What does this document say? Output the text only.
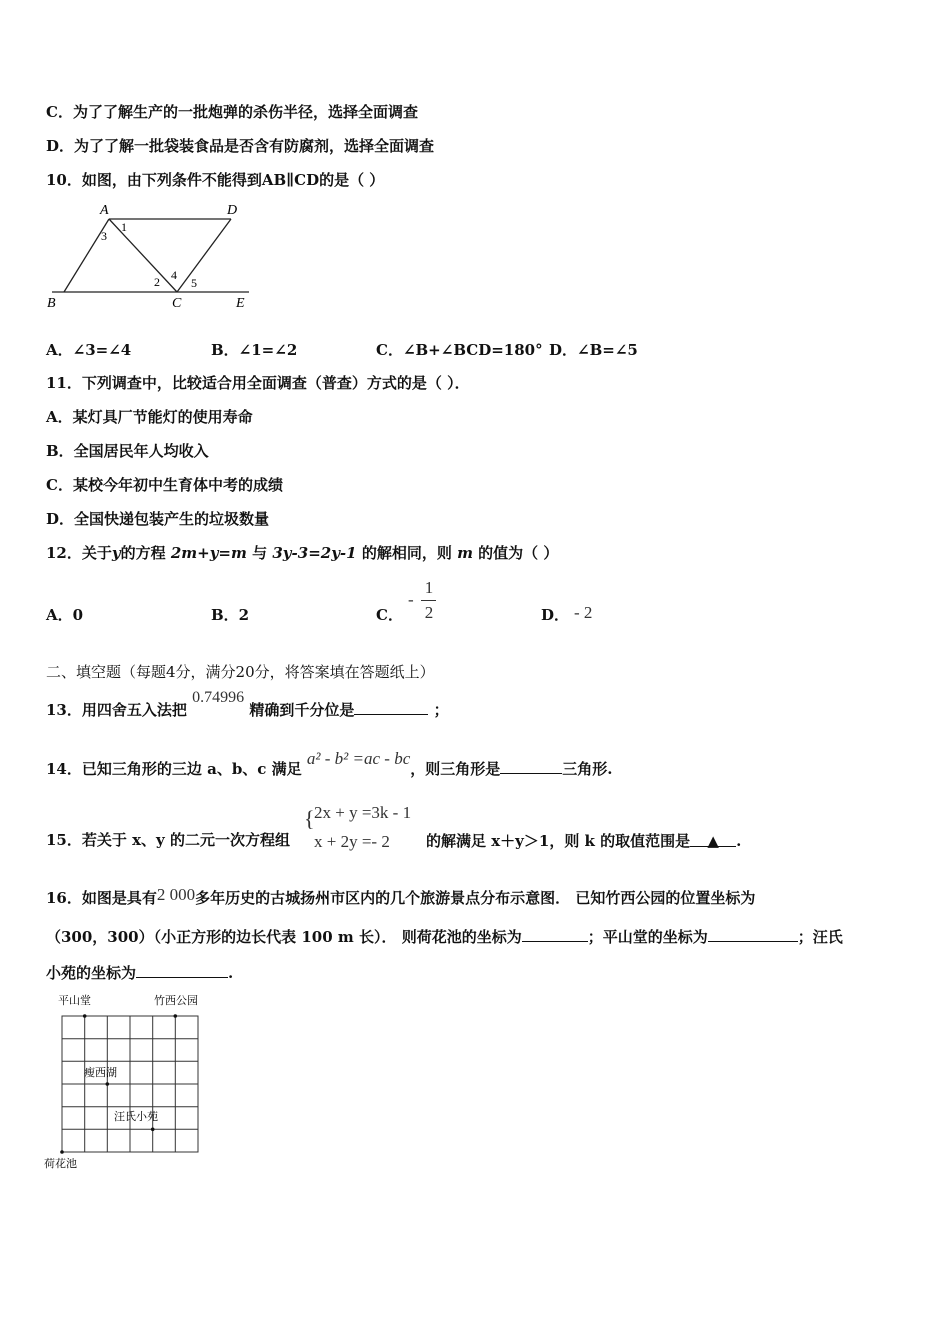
C．为了了解生产的一批炮弹的杀伤半径，选择全面调查
D．为了了解一批袋装食品是否含有防腐剂，选择全面调查
10．如图，由下列条件不能得到AB∥CD的是（ ）
A	D
B	C	E
1
3
2 4
5
A．∠3=∠4	B．∠1=∠2	C．∠B+∠BCD=180° D．∠B=∠5
11．下列调查中，比较适合用全面调查（普查）方式的是（ ）．
A．某灯具厂节能灯的使用寿命
B．全国居民年人均收入
C．某校今年初中生育体中考的成绩
D．全国快递包装产生的垃圾数量
12．关于y的方程 2m+y=m 与 3y-3=2y-1 的解相同，则 m 的值为（ ）
A．0	B．2	C．
-
1
2	D． - 2
二、填空题（每题4分，满分20分，将答案填在答题纸上）
13．用四舍五入法把 0.74996 精确到千分位是	；
14．已知三角形的三边 a、b、c 满足 a² - b² =ac - bc，则三角形是	三角形.
15．若关于 x、y 的二元一次方程组
{ 2x + y =3k - 1
x + 2y =- 2 的解满足 x＋y＞1，则 k 的取值范围是 ▲ .
16．如图是具有2 000多年历史的古城扬州市区内的几个旅游景点分布示意图． 已知竹西公园的位置坐标为
（300，300）（小正方形的边长代表 100 m 长）． 则荷花池的坐标为	；平山堂的坐标为	；汪氏
小苑的坐标为	.
平山堂	竹西公园
瘦西湖
汪氏小苑
荷花池
